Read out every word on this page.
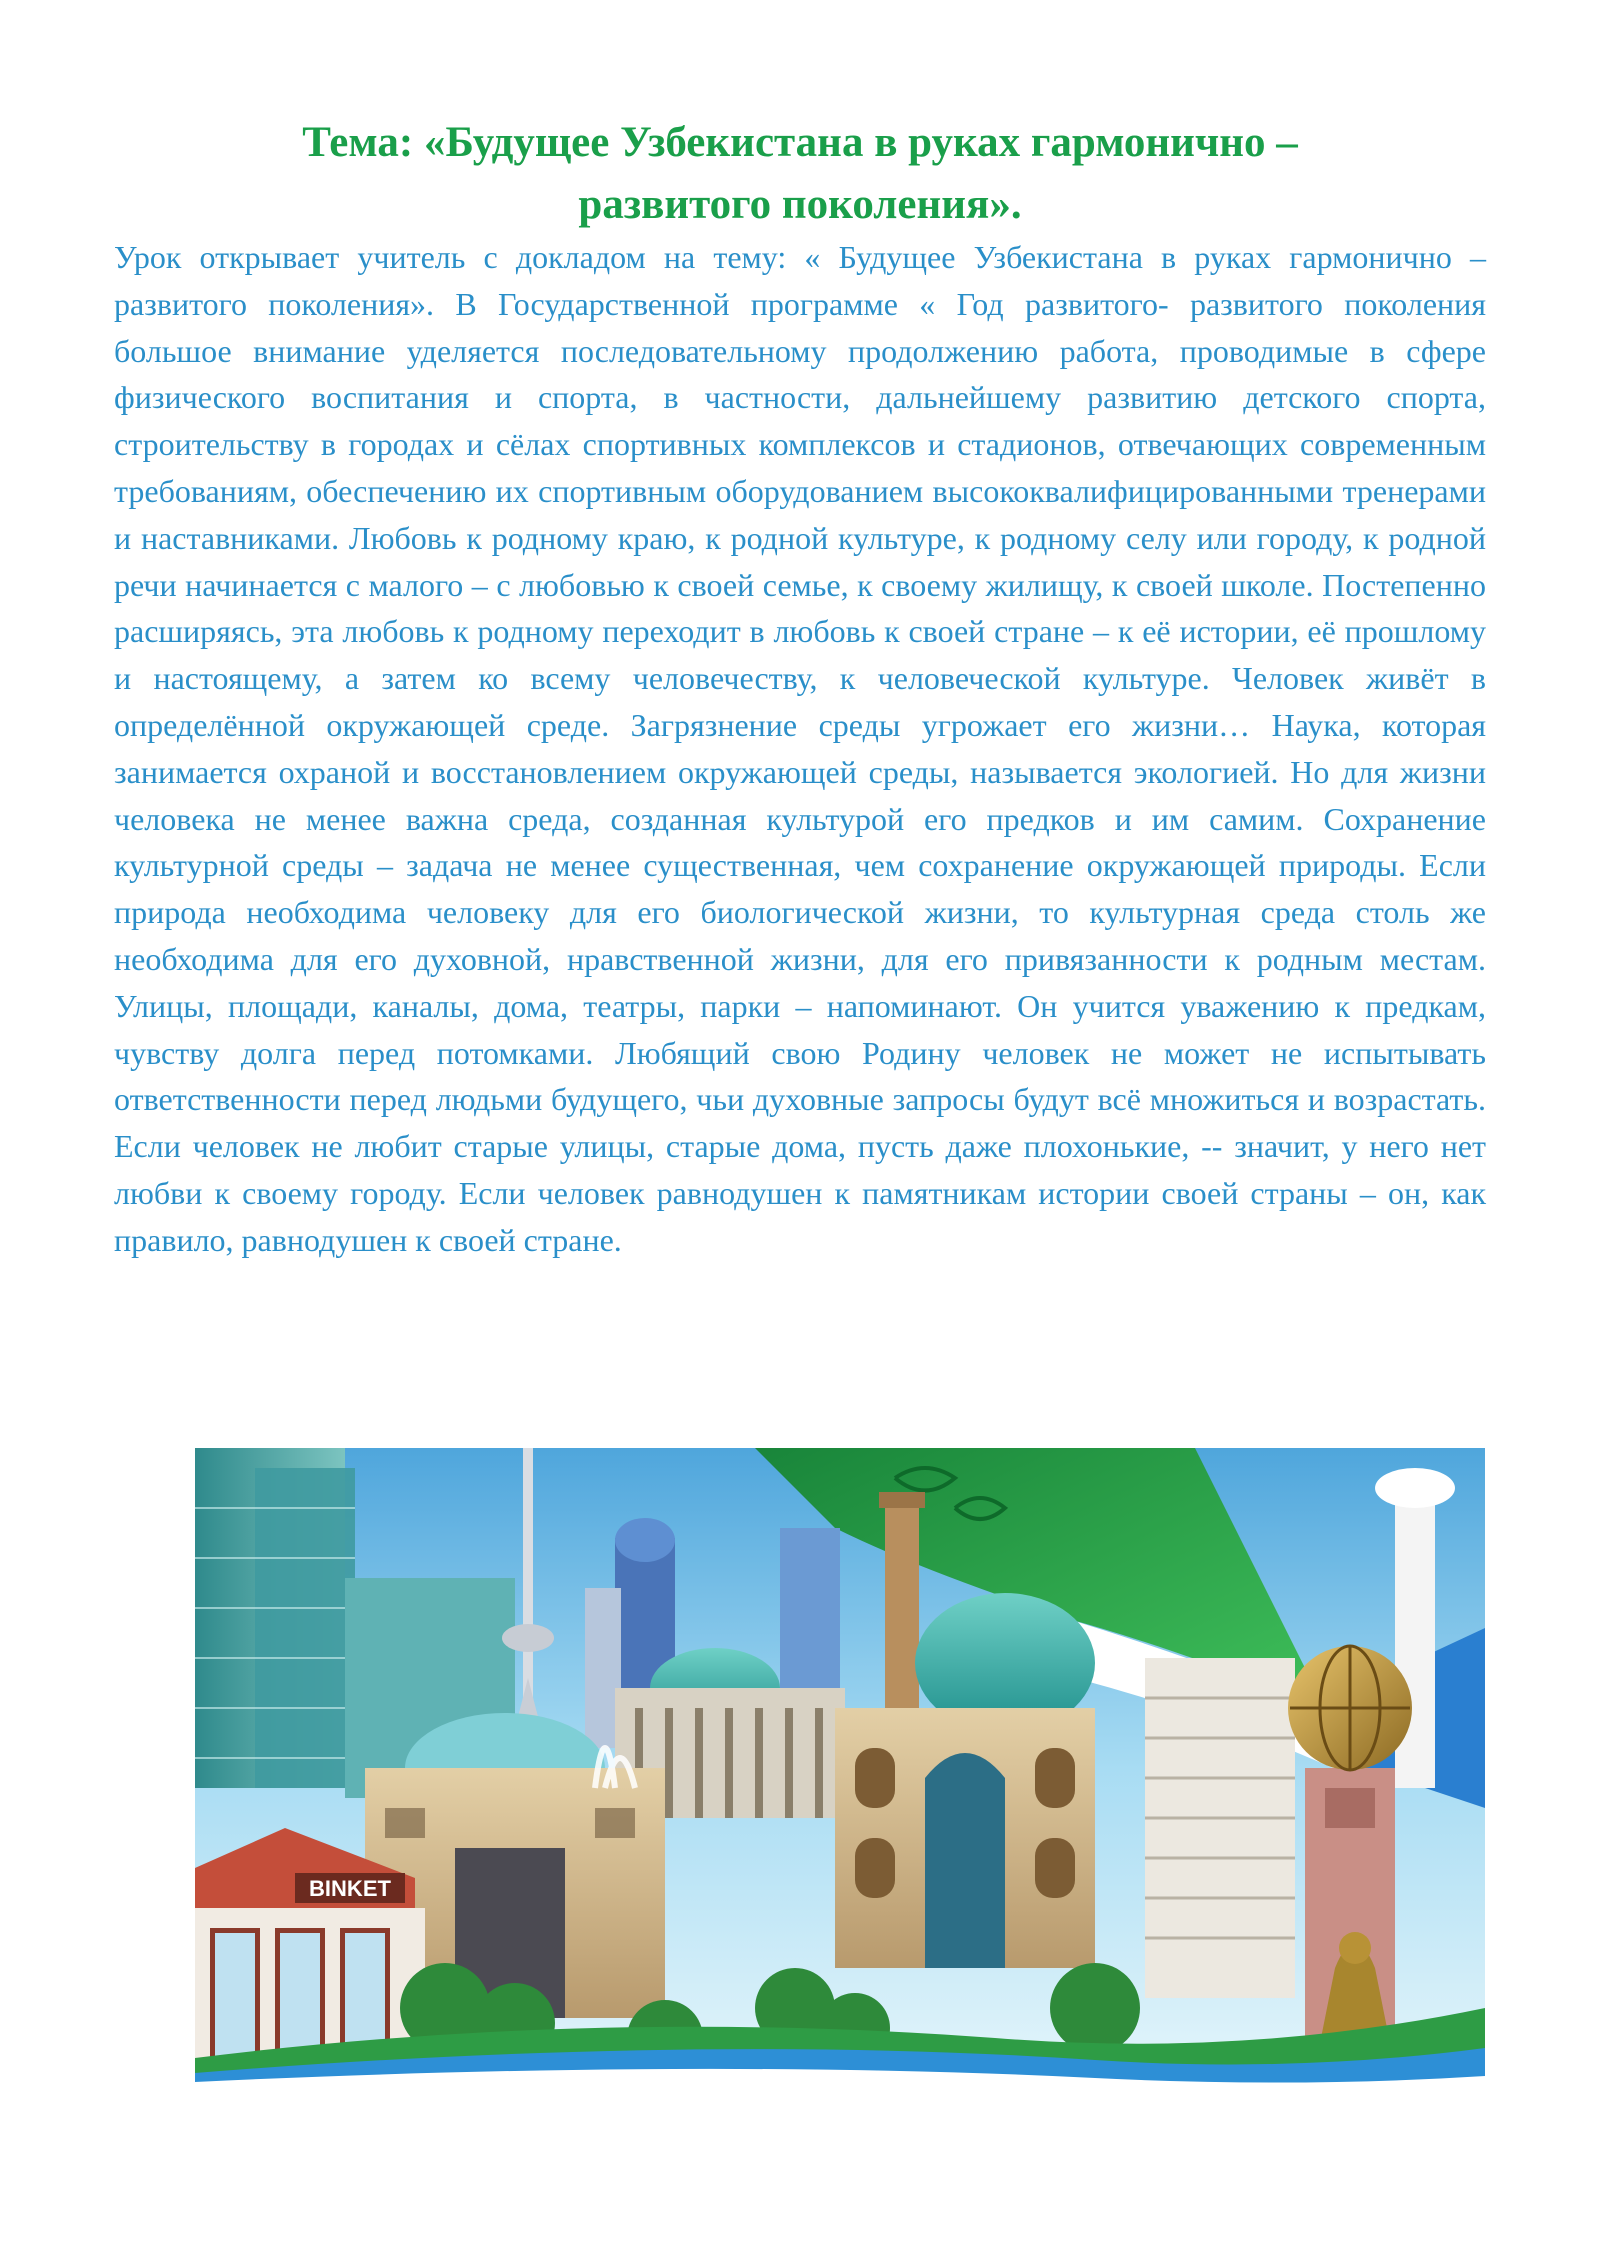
Тема: «Будущее Узбекистана в руках гармонично –
развитого поколения».

Урок открывает учитель с докладом на тему: « Будущее Узбекистана в руках гармонично – развитого поколения». В Государственной программе « Год развитого- развитого поколения большое внимание уделяется последовательному продолжению работа, проводимые в сфере физического воспитания и спорта, в частности, дальнейшему развитию детского спорта, строительству в городах и сёлах спортивных комплексов и стадионов, отвечающих современным требованиям, обеспечению их спортивным оборудованием высококвалифицированными тренерами и наставниками. Любовь к родному краю, к родной культуре, к родному селу или городу, к родной речи начинается с малого – с любовью к своей семье, к своему жилищу, к своей школе. Постепенно расширяясь, эта любовь к родному переходит в любовь к своей стране – к её истории, её прошлому и настоящему, а затем ко всему человечеству, к человеческой культуре. Человек живёт в определённой окружающей среде. Загрязнение среды угрожает его жизни… Наука, которая занимается охраной и восстановлением окружающей среды, называется экологией. Но для жизни человека не менее важна среда, созданная культурой его предков и им самим. Сохранение культурной среды – задача не менее существенная, чем сохранение окружающей природы. Если природа необходима человеку для его биологической жизни, то культурная среда столь же необходима для его духовной, нравственной жизни, для его привязанности к родным местам. Улицы, площади, каналы, дома, театры, парки – напоминают. Он учится уважению к предкам, чувству долга перед потомками. Любящий свою Родину человек не может не испытывать ответственности перед людьми будущего, чьи духовные запросы будут всё множиться и возрастать. Если человек не любит старые улицы, старые дома, пусть даже плохонькие, -- значит, у него нет любви к своему городу. Если человек равнодушен к памятникам истории своей страны – он, как правило, равнодушен к своей стране.

BINKET
